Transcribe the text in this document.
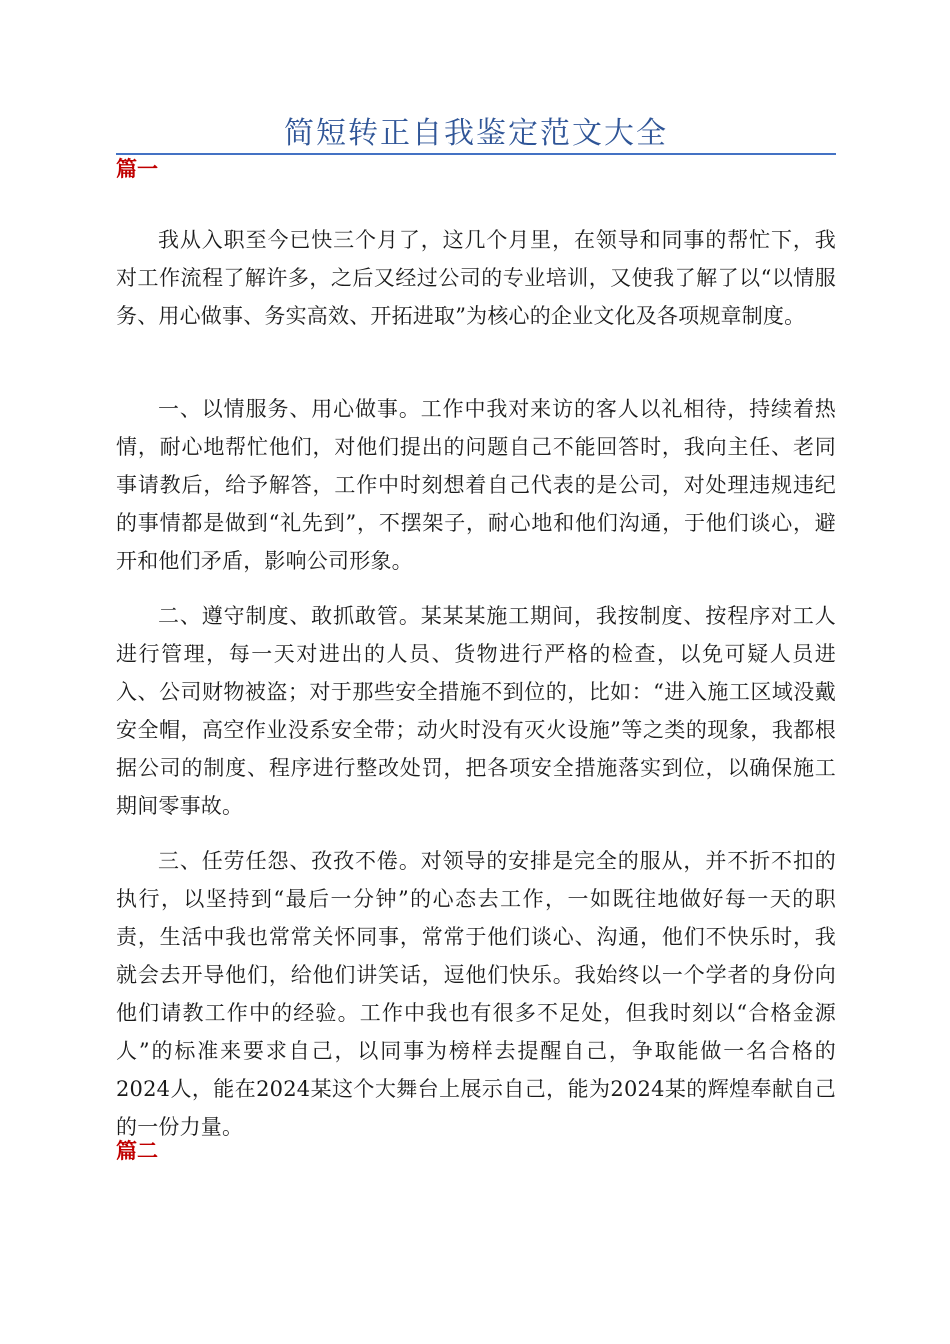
简短转正自我鉴定范文大全
篇一

我从入职至今已快三个月了，这几个月里，在领导和同事的帮忙下，我对工作流程了解许多，之后又经过公司的专业培训，又使我了解了以“以情服务、用心做事、务实高效、开拓进取”为核心的企业文化及各项规章制度。

一、以情服务、用心做事。工作中我对来访的客人以礼相待，持续着热情，耐心地帮忙他们，对他们提出的问题自己不能回答时，我向主任、老同事请教后，给予解答，工作中时刻想着自己代表的是公司，对处理违规违纪的事情都是做到“礼先到”，不摆架子，耐心地和他们沟通，于他们谈心，避开和他们矛盾，影响公司形象。

二、遵守制度、敢抓敢管。某某某施工期间，我按制度、按程序对工人进行管理，每一天对进出的人员、货物进行严格的检查，以免可疑人员进入、公司财物被盗；对于那些安全措施不到位的，比如：“进入施工区域没戴安全帽，高空作业没系安全带；动火时没有灭火设施”等之类的现象，我都根据公司的制度、程序进行整改处罚，把各项安全措施落实到位，以确保施工期间零事故。

三、任劳任怨、孜孜不倦。对领导的安排是完全的服从，并不折不扣的执行，以坚持到“最后一分钟”的心态去工作，一如既往地做好每一天的职责，生活中我也常常关怀同事，常常于他们谈心、沟通，他们不快乐时，我就会去开导他们，给他们讲笑话，逗他们快乐。我始终以一个学者的身份向他们请教工作中的经验。工作中我也有很多不足处，但我时刻以“合格金源人”的标准来要求自己，以同事为榜样去提醒自己，争取能做一名合格的2024人，能在2024某这个大舞台上展示自己，能为2024某的辉煌奉献自己的一份力量。

篇二
